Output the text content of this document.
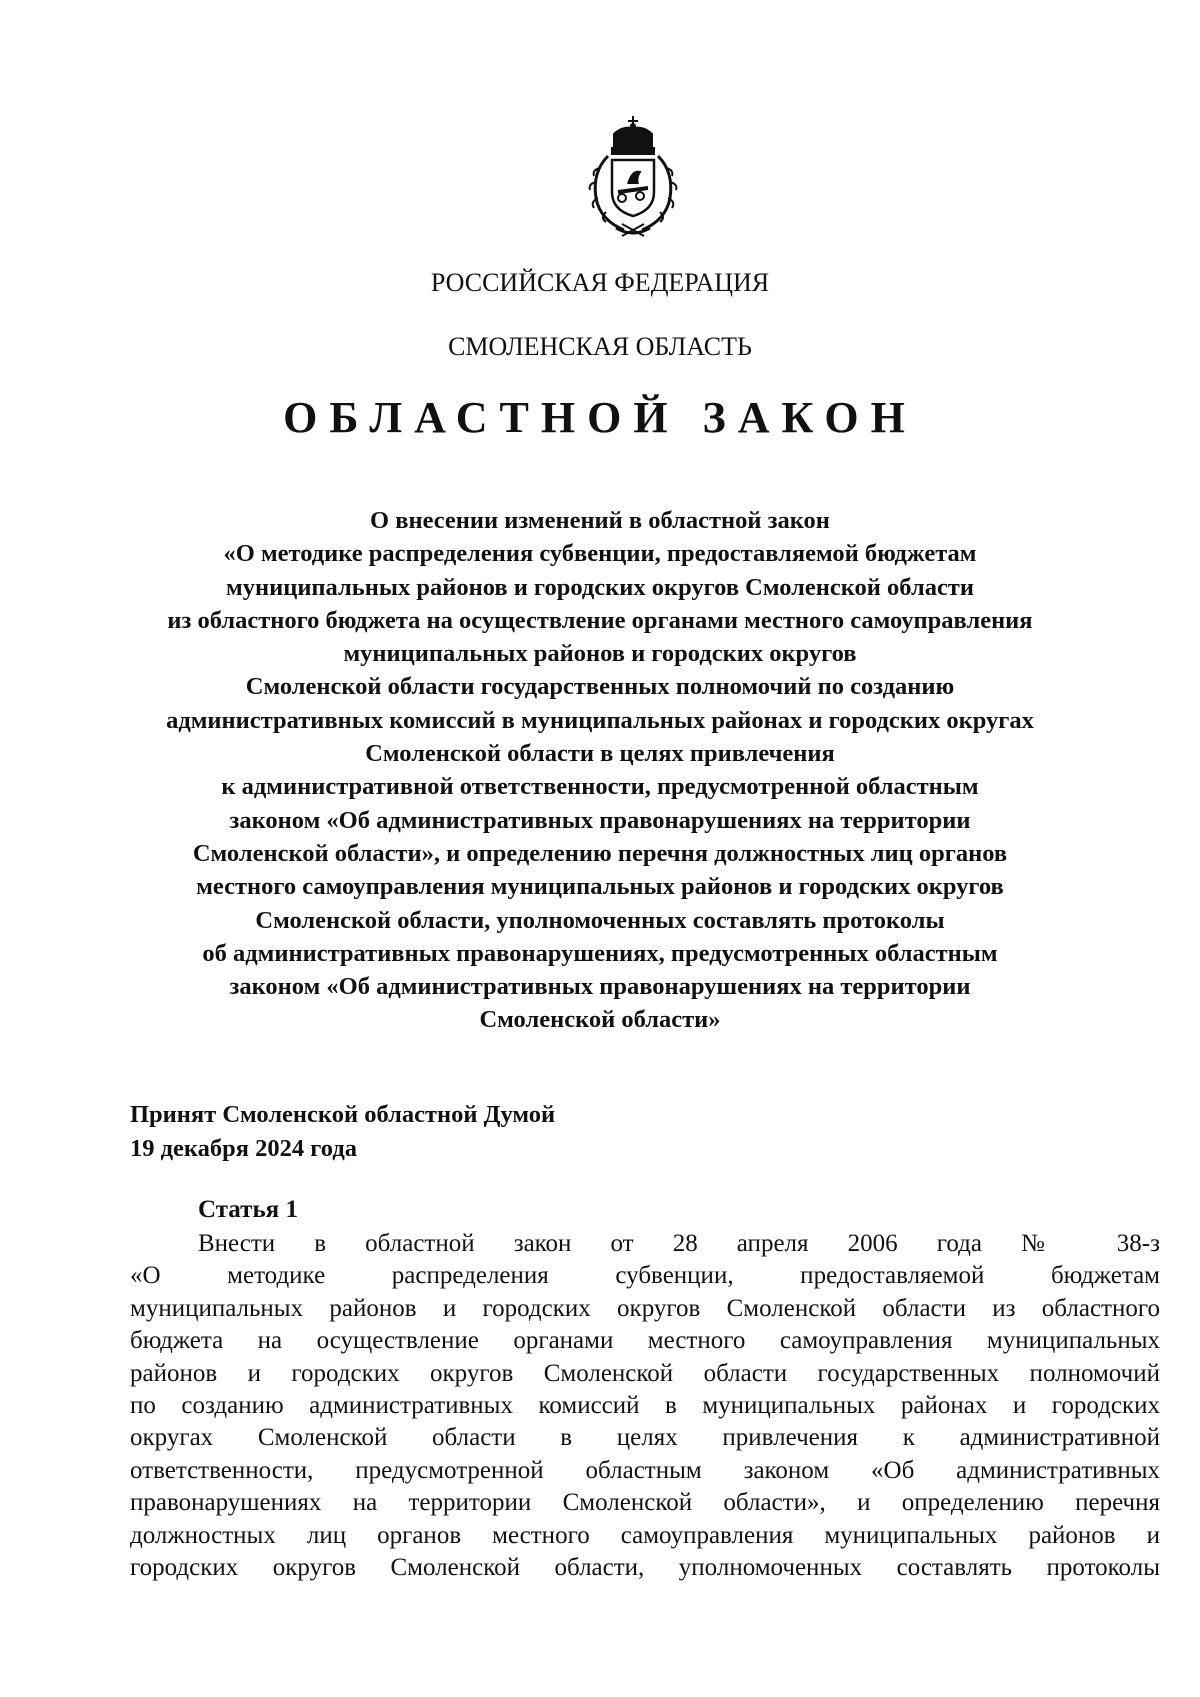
РОССИЙСКАЯ ФЕДЕРАЦИЯ
СМОЛЕНСКАЯ ОБЛАСТЬ
ОБЛАСТНОЙ ЗАКОН
О внесении изменений в областной закон
«О методике распределения субвенции, предоставляемой бюджетам
муниципальных районов и городских округов Смоленской области
из областного бюджета на осуществление органами местного самоуправления
муниципальных районов и городских округов
Смоленской области государственных полномочий по созданию
административных комиссий в муниципальных районах и городских округах
Смоленской области в целях привлечения
к административной ответственности, предусмотренной областным
законом «Об административных правонарушениях на территории
Смоленской области», и определению перечня должностных лиц органов
местного самоуправления муниципальных районов и городских округов
Смоленской области, уполномоченных составлять протоколы
об административных правонарушениях, предусмотренных областным
законом «Об административных правонарушениях на территории
Смоленской области»
Принят Смоленской областной Думой
19 декабря 2024 года
Статья 1
Внести в областной закон от 28 апреля 2006 года № 38-з
«О методике распределения субвенции, предоставляемой бюджетам
муниципальных районов и городских округов Смоленской области из областного
бюджета на осуществление органами местного самоуправления муниципальных
районов и городских округов Смоленской области государственных полномочий
по созданию административных комиссий в муниципальных районах и городских
округах Смоленской области в целях привлечения к административной
ответственности, предусмотренной областным законом «Об административных
правонарушениях на территории Смоленской области», и определению перечня
должностных лиц органов местного самоуправления муниципальных районов и
городских округов Смоленской области, уполномоченных составлять протоколы
